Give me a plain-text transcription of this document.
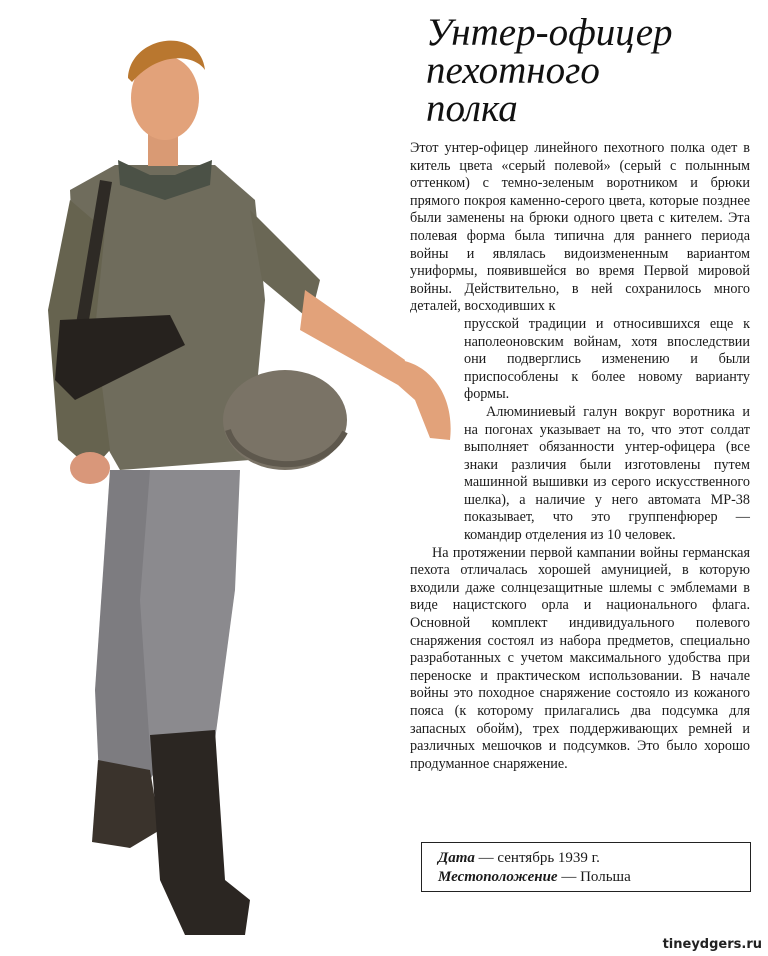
Унтер-офицер
пехотного
полка

Этот унтер-офицер линейного пехотного полка одет в китель цвета «серый полевой» (серый с полынным оттенком) с темно-зеленым воротником и брюки прямого покроя каменно-серого цвета, которые позднее были заменены на брюки одного цвета с кителем. Эта полевая форма была типична для раннего периода войны и являлась видоизмененным вариантом униформы, появившейся во время Первой мировой войны. Действительно, в ней сохранилось много деталей, восходивших к

прусской традиции и относившихся еще к наполеоновским войнам, хотя впоследствии они подверглись изменению и были приспособлены к более новому варианту формы.

Алюминиевый галун вокруг воротника и на погонах указывает на то, что этот солдат выполняет обязанности унтер-офицера (все знаки различия были изготовлены путем машинной вышивки из серого искусственного шелка), а наличие у него автомата МР-38 показывает, что это группенфюрер — командир отделения из 10 человек.

На протяжении первой кампании войны германская пехота отличалась хорошей амуницией, в которую входили даже солнцезащитные шлемы с эмблемами в виде нацистского орла и национального флага. Основной комплект индивидуального полевого снаряжения состоял из набора предметов, специально разработанных с учетом максимального удобства при переноске и практическом использовании. В начале войны это походное снаряжение состояло из кожаного пояса (к которому прилагались два подсумка для запасных обойм), трех поддерживающих ремней и различных мешочков и подсумков. Это было хорошо продуманное снаряжение.

Дата — сентябрь 1939 г.
Местоположение — Польша
tineydgers.ru
